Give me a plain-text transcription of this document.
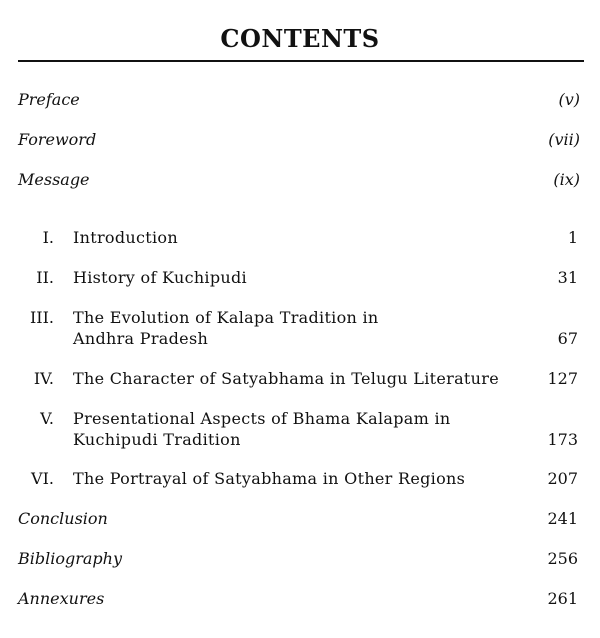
CONTENTS
Preface	(v)
Foreword	(vii)
Message	(ix)
I. Introduction	1
II. History of Kuchipudi	31
III. The Evolution of Kalapa Tradition in
Andhra Pradesh	67
IV. The Character of Satyabhama in Telugu Literature	127
V. Presentational Aspects of Bhama Kalapam in
Kuchipudi Tradition	173
VI. The Portrayal of Satyabhama in Other Regions	207
Conclusion	241
Bibliography	256
Annexures	261
